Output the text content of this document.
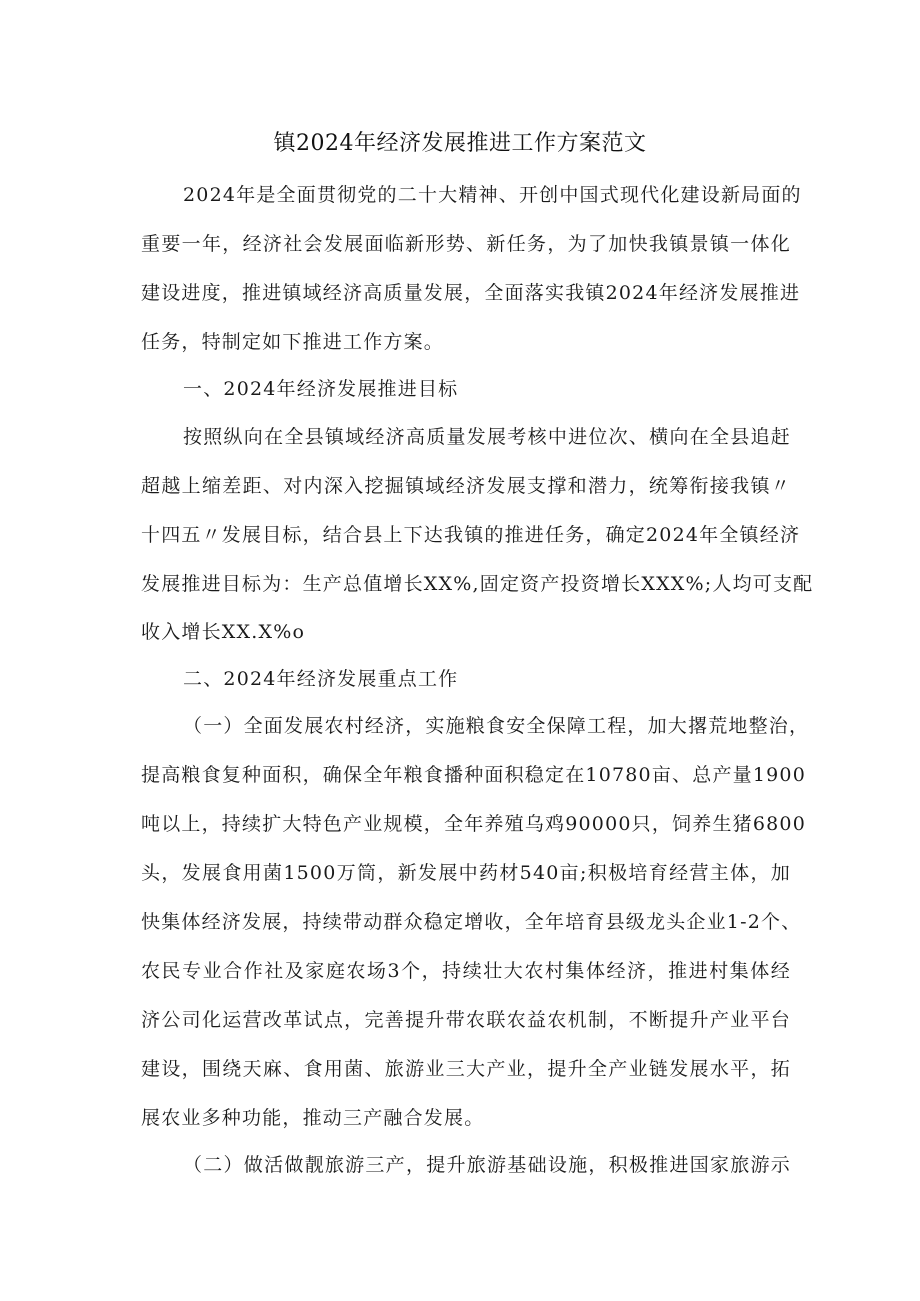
镇2024年经济发展推进工作方案范文
2024年是全面贯彻党的二十大精神、开创中国式现代化建设新局面的
重要一年，经济社会发展面临新形势、新任务，为了加快我镇景镇一体化
建设进度，推进镇域经济高质量发展，全面落实我镇2024年经济发展推进
任务，特制定如下推进工作方案。
一、2024年经济发展推进目标
按照纵向在全县镇域经济高质量发展考核中进位次、横向在全县追赶
超越上缩差距、对内深入挖掘镇域经济发展支撑和潜力，统筹衔接我镇〃
十四五〃发展目标，结合县上下达我镇的推进任务，确定2024年全镇经济
发展推进目标为：生产总值增长XX%,固定资产投资增长XXX%;人均可支配
收入增长XX.X%o
二、2024年经济发展重点工作
（一）全面发展农村经济，实施粮食安全保障工程，加大撂荒地整治，
提高粮食复种面积，确保全年粮食播种面积稳定在10780亩、总产量1900
吨以上，持续扩大特色产业规模，全年养殖乌鸡90000只，饲养生猪6800
头，发展食用菌1500万筒，新发展中药材540亩;积极培育经营主体，加
快集体经济发展，持续带动群众稳定增收，全年培育县级龙头企业1-2个、
农民专业合作社及家庭农场3个，持续壮大农村集体经济，推进村集体经
济公司化运营改革试点，完善提升带农联农益农机制，不断提升产业平台
建设，围绕天麻、食用菌、旅游业三大产业，提升全产业链发展水平，拓
展农业多种功能，推动三产融合发展。
（二）做活做靓旅游三产，提升旅游基础设施，积极推进国家旅游示
